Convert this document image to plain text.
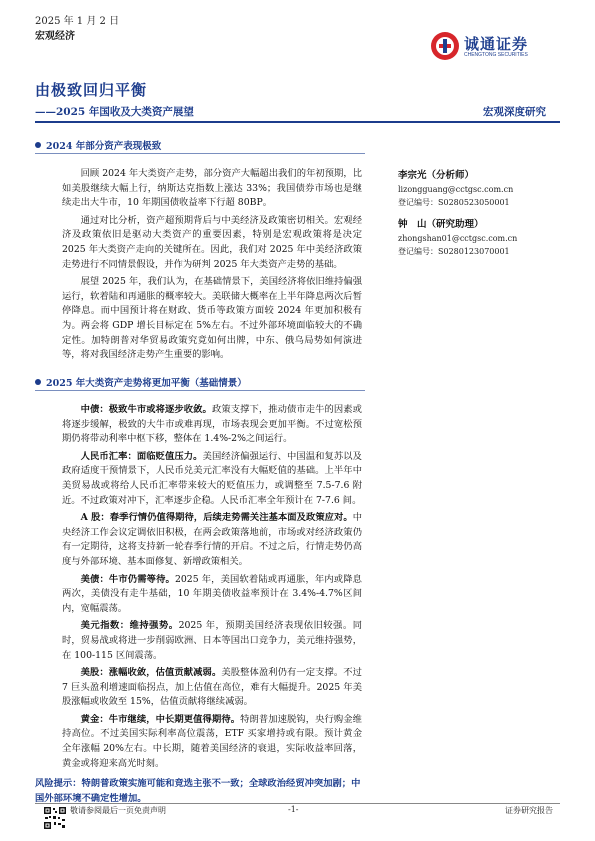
2025 年 1 月 2 日
宏观经济	诚通证券
CHENGTONG SECURITIES
由极致回归平衡
——2025 年国收及大类资产展望	宏观深度研究
2024 年部分资产表现极致

回顾 2024 年大类资产走势，部分资产大幅超出我们的年初预期，比如美股继续大幅上行，纳斯达克指数上涨达 33%；我国债券市场也是继续走出大牛市，10 年期国债收益率下行超 80BP。

通过对比分析，资产超预期背后与中美经济及政策密切相关。宏观经济及政策依旧是驱动大类资产的重要因素，特别是宏观政策将是决定 2025 年大类资产走向的关键所在。因此，我们对 2025 年中美经济政策走势进行不同情景假设，并作为研判 2025 年大类资产走势的基础。

展望 2025 年，我们认为，在基础情景下，美国经济将依旧维持偏强运行，软着陆和再通胀的概率较大。美联储大概率在上半年降息两次后暂停降息。而中国预计将在财政、货币等政策方面较 2024 年更加积极有为。两会将 GDP 增长目标定在 5%左右。不过外部环境面临较大的不确定性。加特朗普对华贸易政策究竟如何出牌，中东、俄乌局势如何演进等，将对我国经济走势产生重要的影响。

2025 年大类资产走势将更加平衡（基础情景）

中债：极致牛市或将逐步收敛。政策支撑下，推动债市走牛的因素或将逐步缓解，极致的大牛市或难再现，市场表现会更加平衡。不过宽松预期仍将带动利率中枢下移，整体在 1.4%-2%之间运行。

人民币汇率：面临贬值压力。美国经济偏强运行、中国温和复苏以及政府适度干预情景下，人民币兑美元汇率没有大幅贬值的基础。上半年中美贸易战或将给人民币汇率带来较大的贬值压力，或调整至 7.5-7.6 附近。不过政策对冲下，汇率逐步企稳。人民币汇率全年预计在 7-7.6 间。

A 股：春季行情仍值得期待，后续走势需关注基本面及政策应对。中央经济工作会议定调依旧积极，在两会政策落地前，市场或对经济政策仍有一定期待，这将支持新一轮春季行情的开启。不过之后，行情走势仍高度与外部环境、基本面修复、新增政策相关。

美债：牛市仍需等待。2025 年，美国软着陆或再通胀，年内或降息两次，美债没有走牛基础，10 年期美债收益率预计在 3.4%-4.7%区间内，宽幅震荡。

美元指数：维持强势。2025 年，预期美国经济表现依旧较强。同时，贸易战或将进一步削弱欧洲、日本等国出口竞争力，美元维持强势，在 100-115 区间震荡。

美股：涨幅收敛，估值贡献减弱。美股整体盈利仍有一定支撑。不过 7 巨头盈利增速面临拐点，加上估值在高位，难有大幅提升。2025 年美股涨幅或收敛至 15%，估值贡献将继续减弱。

黄金：牛市继续，中长期更值得期待。特朗普加速脱钩，央行购金维持高位。不过美国实际利率高位震荡，ETF 买家增持或有限。预计黄金全年涨幅 20%左右。中长期，随着美国经济的衰退，实际收益率回落，黄金或将迎来高光时刻。

风险提示：特朗普政策实施可能和竞选主张不一致；全球政治经贸冲突加剧；中国外部环境不确定性增加。
李宗光（分析师）
lizongguang@cctgsc.com.cn
登记编号：S0280523050001
钟　山（研究助理）
zhongshan01@cctgsc.com.cn
登记编号：S0280123070001
敬请参阅最后一页免责声明	-1-	证券研究报告
